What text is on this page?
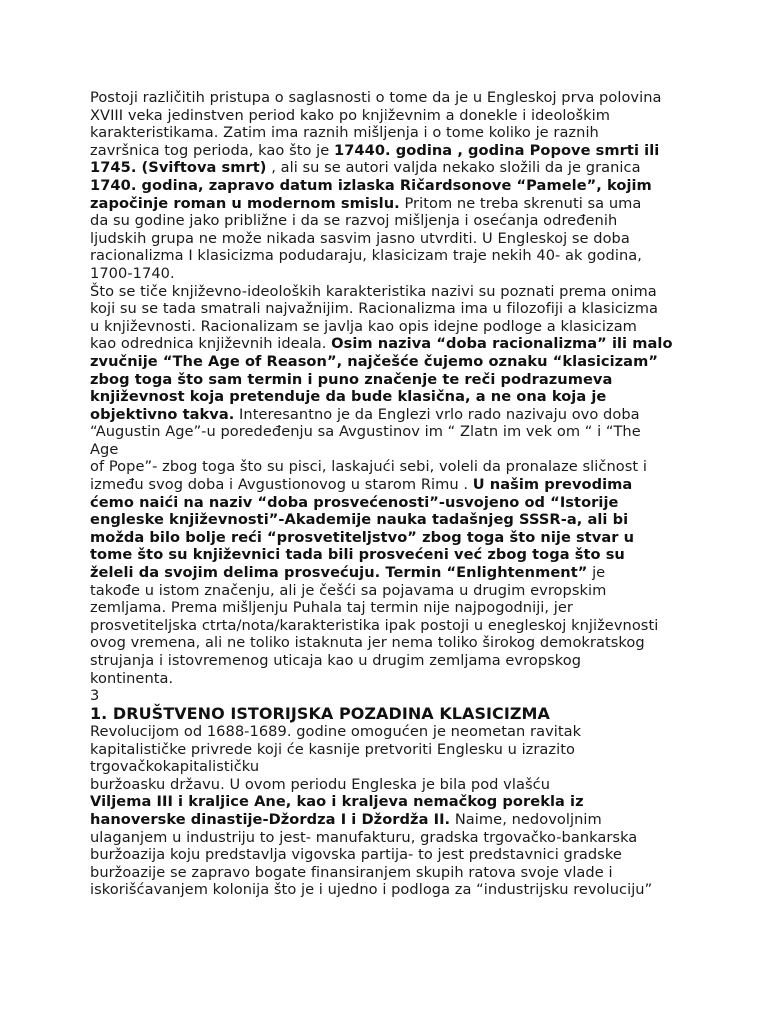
Postoji različitih pristupa o saglasnosti o tome da je u Engleskoj prva polovina
XVIII veka jedinstven period kako po književnim a donekle i ideološkim
karakteristikama. Zatim ima raznih mišljenja i o tome koliko je raznih
završnica tog perioda, kao što je 17440. godina , godina Popove smrti ili
1745. (Sviftova smrt) , ali su se autori valjda nekako složili da je granica
1740. godina, zapravo datum izlaska Ričardsonove “Pamele”, kojim
započinje roman u modernom smislu. Pritom ne treba skrenuti sa uma
da su godine jako približne i da se razvoj mišljenja i osećanja određenih
ljudskih grupa ne može nikada sasvim jasno utvrditi. U Engleskoj se doba
racionalizma I klasicizma podudaraju, klasicizam traje nekih 40- ak godina,
1700-1740.
Što se tiče književno-ideoloških karakteristika nazivi su poznati prema onima
koji su se tada smatrali najvažnijim. Racionalizma ima u filozofiji a klasicizma
u književnosti. Racionalizam se javlja kao opis idejne podloge a klasicizam
kao odrednica književnih ideala. Osim naziva “doba racionalizma” ili malo
zvučnije “The Age of Reason”, najčešće čujemo oznaku “klasicizam”
zbog toga što sam termin i puno značenje te reči podrazumeva
književnost koja pretenduje da bude klasična, a ne ona koja je
objektivno takva. Interesantno je da Englezi vrlo rado nazivaju ovo doba
“Augustin Age”-u poredeđenju sa Avgustinov im “ Zlatn im vek om “ i “The
Age
of Pope”- zbog toga što su pisci, laskajući sebi, voleli da pronalaze sličnost i
između svog doba i Avgustionovog u starom Rimu . U našim prevodima
ćemo naići na naziv “doba prosvećenosti”-usvojeno od “Istorije
engleske književnosti”-Akademije nauka tadašnjeg SSSR-a, ali bi
možda bilo bolje reći “prosvetiteljstvo” zbog toga što nije stvar u
tome što su književnici tada bili prosvećeni već zbog toga što su
želeli da svojim delima prosvećuju. Termin “Enlightenment” je
takođe u istom značenju, ali je češći sa pojavama u drugim evropskim
zemljama. Prema mišljenju Puhala taj termin nije najpogodniji, jer
prosvetiteljska ctrta/nota/karakteristika ipak postoji u enegleskoj književnosti
ovog vremena, ali ne toliko istaknuta jer nema toliko širokog demokratskog
strujanja i istovremenog uticaja kao u drugim zemljama evropskog
kontinenta.
3
1. DRUŠTVENO ISTORIJSKA POZADINA KLASICIZMA
Revolucijom od 1688-1689. godine omogućen je neometan ravitak
kapitalističke privrede koji će kasnije pretvoriti Englesku u izrazito
trgovačkokapitalističku
buržoasku državu. U ovom periodu Engleska je bila pod vlašću
Viljema III i kraljice Ane, kao i kraljeva nemačkog porekla iz
hanoverske dinastije-Džordza I i Džordža II. Naime, nedovoljnim
ulaganjem u industriju to jest- manufakturu, gradska trgovačko-bankarska
buržoazija koju predstavlja vigovska partija- to jest predstavnici gradske
buržoazije se zapravo bogate finansiranjem skupih ratova svoje vlade i
iskorišćavanjem kolonija što je i ujedno i podloga za “industrijsku revoluciju”
